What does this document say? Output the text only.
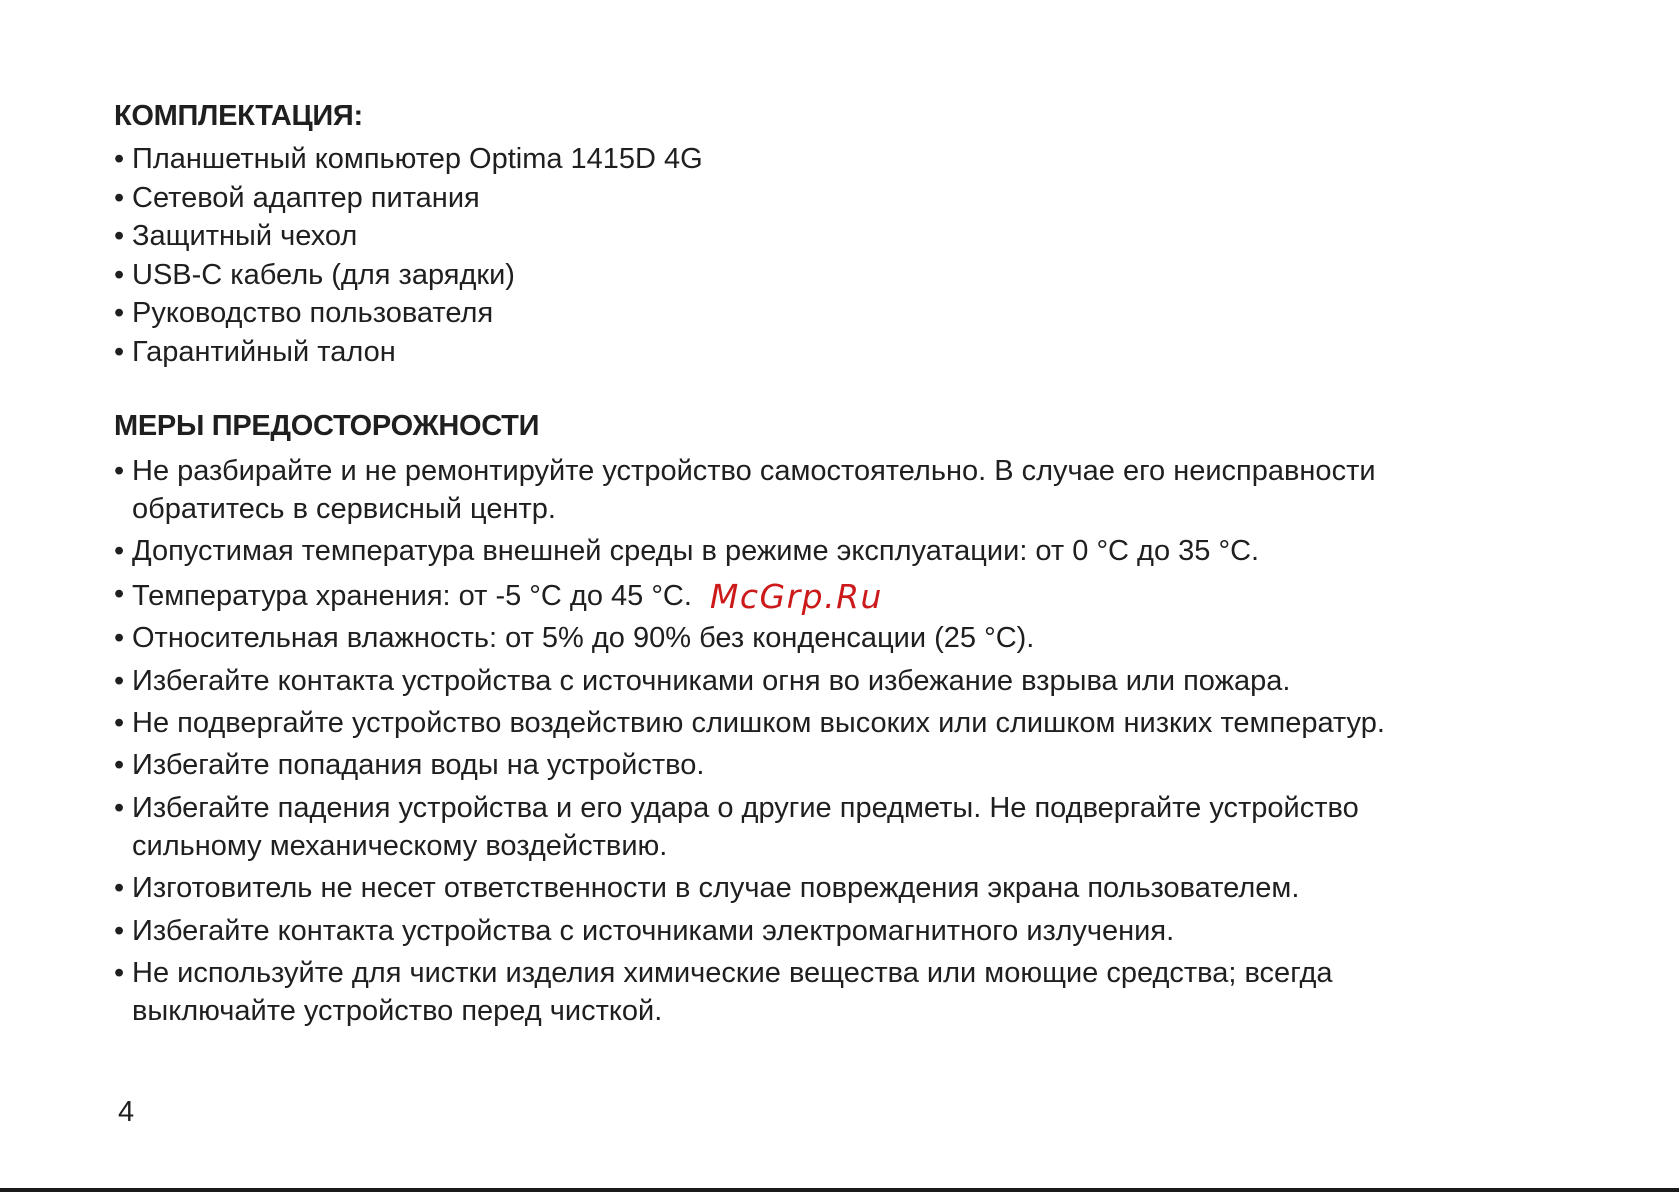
КОМПЛЕКТАЦИЯ:
• Планшетный компьютер Optima 1415D 4G
• Сетевой адаптер питания
• Защитный чехол
• USB-C кабель (для зарядки)
• Руководство пользователя
• Гарантийный талон
МЕРЫ ПРЕДОСТОРОЖНОСТИ
• Не разбирайте и не ремонтируйте устройство самостоятельно. В случае его неисправности
обратитесь в сервисный центр.
• Допустимая температура внешней среды в режиме эксплуатации: от 0 °С до 35 °С.
• Температура хранения: от -5 °С до 45 °С. McGrp.Ru
• Относительная влажность: от 5% до 90% без конденсации (25 °С).
• Избегайте контакта устройства с источниками огня во избежание взрыва или пожара.
• Не подвергайте устройство воздействию слишком высоких или слишком низких температур.
• Избегайте попадания воды на устройство.
• Избегайте падения устройства и его удара о другие предметы. Не подвергайте устройство
сильному механическому воздействию.
• Изготовитель не несет ответственности в случае повреждения экрана пользователем.
• Избегайте контакта устройства с источниками электромагнитного излучения.
• Не используйте для чистки изделия химические вещества или моющие средства; всегда
выключайте устройство перед чисткой.
4
